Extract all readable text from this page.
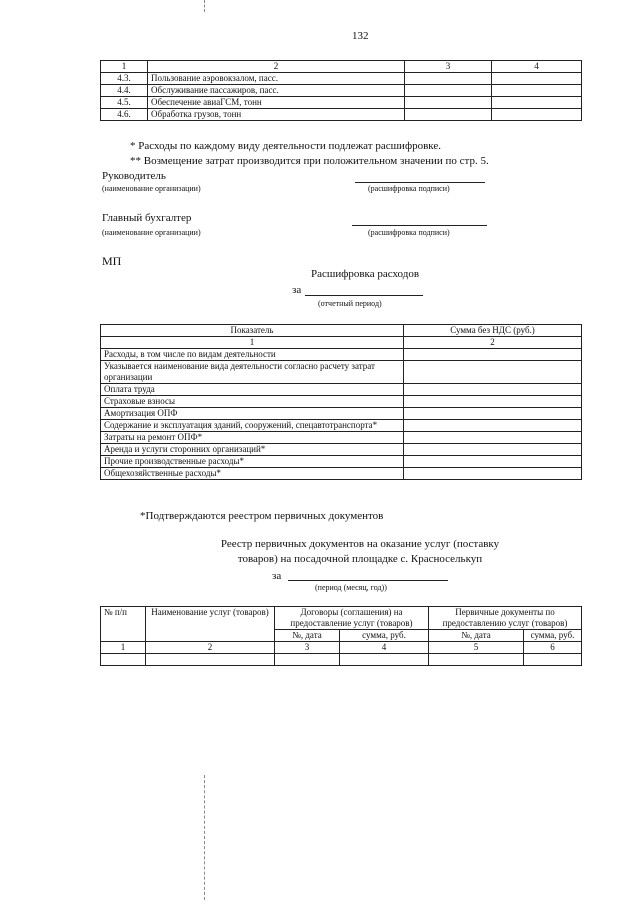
132
1	2	3	4
4.3.	Пользование аэровокзалом, пасс.		
4.4.	Обслуживание пассажиров, пасс.		
4.5.	Обеспечение авиаГСМ, тонн		
4.6.	Обработка грузов, тонн		
* Расходы по каждому виду деятельности подлежат расшифровке.
** Возмещение затрат производится при положительном значении по стр. 5.
Руководитель
(наименование организации)	(расшифровка подписи)
Главный бухгалтер
(наименование организации)	(расшифровка подписи)
МП
Расшифровка расходов
за
(отчетный период)
Показатель	Сумма без НДС (руб.)
1	2
Расходы, в том числе по видам деятельности	
Указывается наименование вида деятельности согласно расчету затрат организации	
Оплата труда	
Страховые взносы	
Амортизация ОПФ	
Содержание и эксплуатация зданий, сооружений, спецавтотранспорта*	
Затраты на ремонт ОПФ*	
Аренда и услуги сторонних организаций*	
Прочие производственные расходы*	
Общехозяйственные расходы*	
*Подтверждаются реестром первичных документов
Реестр первичных документов на оказание услуг (поставку
товаров) на посадочной площадке с. Красноселькуп
за
(период (месяц, год))
№ п/п	Наименование услуг (товаров)	Договоры (соглашения) на предоставление услуг (товаров)		Первичные документы по предоставлению услуг (товаров)	
		№, дата	сумма, руб.	№, дата	сумма, руб.
1	2	3	4	5	6
